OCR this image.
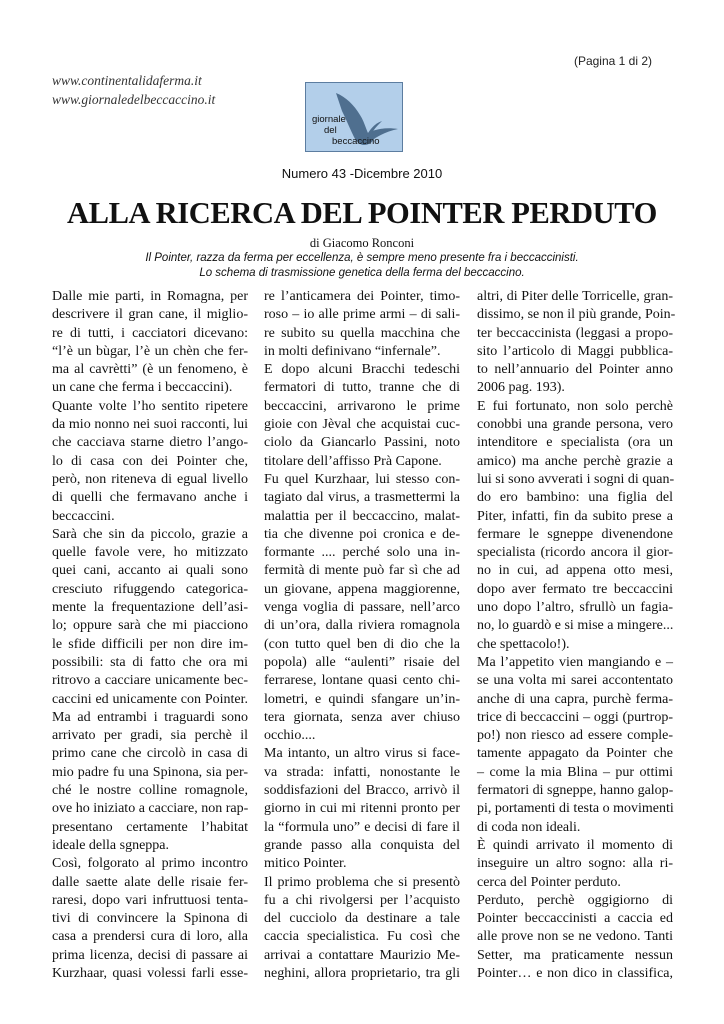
(Pagina 1 di 2)
www.continentalidaferma.it
www.giornaledelbeccaccino.it
giornale
del
beccaccino
Numero 43 -Dicembre 2010
ALLA RICERCA DEL POINTER PERDUTO
di Giacomo Ronconi
Il Pointer, razza da ferma per eccellenza, è sempre meno presente fra i beccaccinisti.
Lo schema di trasmissione genetica della ferma del beccaccino.
Dalle mie parti, in Romagna, per
descrivere il gran cane, il miglio-
re di tutti, i cacciatori dicevano:
“l’è un bùgar, l’è un chèn che fer-
ma al cavrètti” (è un fenomeno, è
un cane che ferma i beccaccini).
Quante volte l’ho sentito ripetere
da mio nonno nei suoi racconti, lui
che cacciava starne dietro l’ango-
lo di casa con dei Pointer che,
però, non riteneva di egual livello
di quelli che fermavano anche i
beccaccini.
Sarà che sin da piccolo, grazie a
quelle favole vere, ho mitizzato
quei cani, accanto ai quali sono
cresciuto rifuggendo categorica-
mente la frequentazione dell’asi-
lo; oppure sarà che mi piacciono
le sfide difficili per non dire im-
possibili: sta di fatto che ora mi
ritrovo a cacciare unicamente bec-
caccini ed unicamente con Pointer.
Ma ad entrambi i traguardi sono
arrivato per gradi, sia perchè il
primo cane che circolò in casa di
mio padre fu una Spinona, sia per-
ché le nostre colline romagnole,
ove ho iniziato a cacciare, non rap-
presentano certamente l’habitat
ideale della sgneppa.
Così, folgorato al primo incontro
dalle saette alate delle risaie fer-
raresi, dopo vari infruttuosi tenta-
tivi di convincere la Spinona di
casa a prendersi cura di loro, alla
prima licenza, decisi di passare ai
Kurzhaar, quasi volessi farli esse-
re l’anticamera dei Pointer, timo-
roso – io alle prime armi – di sali-
re subito su quella macchina che
in molti definivano “infernale”.
E dopo alcuni Bracchi tedeschi
fermatori di tutto, tranne che di
beccaccini, arrivarono le prime
gioie con Jèval che acquistai cuc-
ciolo da Giancarlo Passini, noto
titolare dell’affisso Prà Capone.
Fu quel Kurzhaar, lui stesso con-
tagiato dal virus, a trasmettermi la
malattia per il beccaccino, malat-
tia che divenne poi cronica e de-
formante .... perché solo una in-
fermità di mente può far sì che ad
un giovane, appena maggiorenne,
venga voglia di passare, nell’arco
di un’ora, dalla riviera romagnola
(con tutto quel ben di dio che la
popola) alle “aulenti” risaie del
ferrarese, lontane quasi cento chi-
lometri, e quindi sfangare un’in-
tera giornata, senza aver chiuso
occhio....
Ma intanto, un altro virus si face-
va strada: infatti, nonostante le
soddisfazioni del Bracco, arrivò il
giorno in cui mi ritenni pronto per
la “formula uno” e decisi di fare il
grande passo alla conquista del
mitico Pointer.
Il primo problema che si presentò
fu a chi rivolgersi per l’acquisto
del cucciolo da destinare a tale
caccia specialistica. Fu così che
arrivai a contattare Maurizio Me-
neghini, allora proprietario, tra gli
altri, di Piter delle Torricelle, gran-
dissimo, se non il più grande, Poin-
ter beccaccinista (leggasi a propo-
sito l’articolo di Maggi pubblica-
to nell’annuario del Pointer anno
2006 pag. 193).
E fui fortunato, non solo perchè
conobbi una grande persona, vero
intenditore e specialista (ora un
amico) ma anche perchè grazie a
lui si sono avverati i sogni di quan-
do ero bambino: una figlia del
Piter, infatti, fin da subito prese a
fermare le sgneppe divenendone
specialista (ricordo ancora il gior-
no in cui, ad appena otto mesi,
dopo aver fermato tre beccaccini
uno dopo l’altro, sfrullò un fagia-
no, lo guardò e si mise a mingere...
che spettacolo!).
Ma l’appetito vien mangiando e –
se una volta mi sarei accontentato
anche di una capra, purchè ferma-
trice di beccaccini – oggi (purtrop-
po!) non riesco ad essere comple-
tamente appagato da Pointer che
– come la mia Blina – pur ottimi
fermatori di sgneppe, hanno galop-
pi, portamenti di testa o movimenti
di coda non ideali.
È quindi arrivato il momento di
inseguire un altro sogno: alla ri-
cerca del Pointer perduto.
Perduto, perchè oggigiorno di
Pointer beccaccinisti a caccia ed
alle prove non se ne vedono. Tanti
Setter, ma praticamente nessun
Pointer… e non dico in classifica,
